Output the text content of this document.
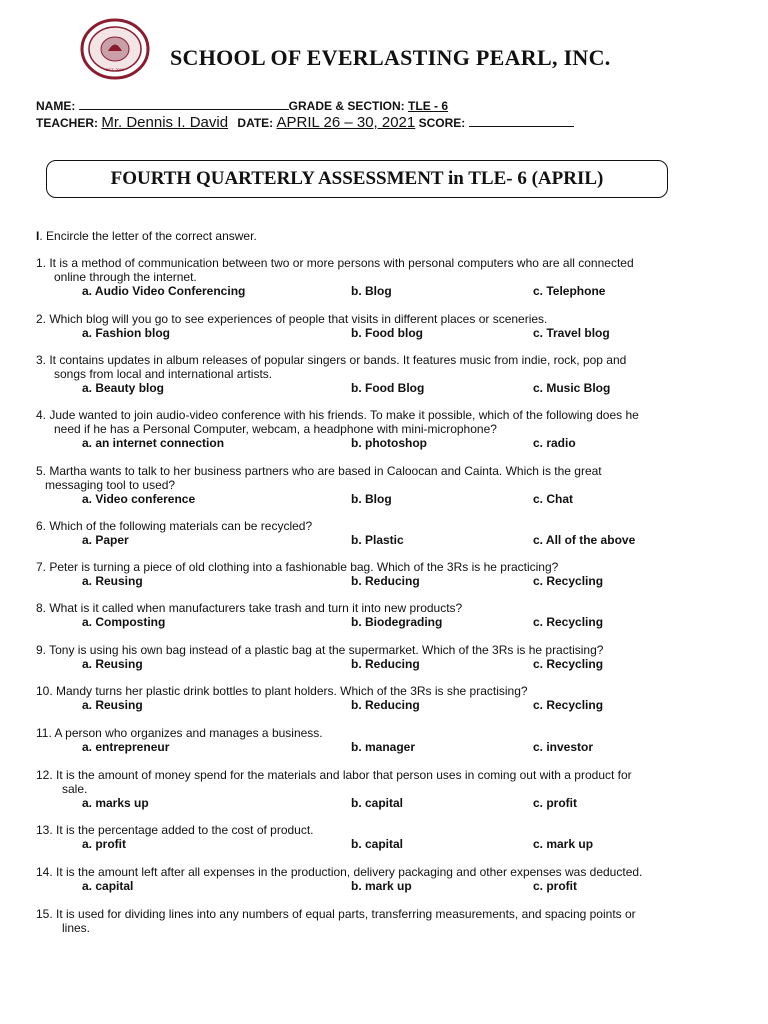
EST. 2000 SCHOOL OF EVERLASTING PEARL, INC.
NAME:	GRADE & SECTION: TLE - 6
TEACHER: Mr. Dennis I. David DATE: APRIL 26 – 30, 2021 SCORE:
FOURTH QUARTERLY ASSESSMENT in TLE- 6 (APRIL)
I. Encircle the letter of the correct answer.
1. It is a method of communication between two or more persons with personal computers who are all connected
online through the internet.
a. Audio Video Conferencing	b. Blog	c. Telephone
2. Which blog will you go to see experiences of people that visits in different places or sceneries.
a. Fashion blog	b. Food blog	c. Travel blog
3. It contains updates in album releases of popular singers or bands. It features music from indie, rock, pop and
songs from local and international artists.
a. Beauty blog	b. Food Blog	c. Music Blog
4. Jude wanted to join audio-video conference with his friends. To make it possible, which of the following does he
need if he has a Personal Computer, webcam, a headphone with mini-microphone?
a. an internet connection	b. photoshop	c. radio
5. Martha wants to talk to her business partners who are based in Caloocan and Cainta. Which is the great
messaging tool to used?
a. Video conference	b. Blog	c. Chat
6. Which of the following materials can be recycled?
a. Paper	b. Plastic	c. All of the above
7. Peter is turning a piece of old clothing into a fashionable bag. Which of the 3Rs is he practicing?
a. Reusing	b. Reducing	c. Recycling
8. What is it called when manufacturers take trash and turn it into new products?
a. Composting	b. Biodegrading	c. Recycling
9. Tony is using his own bag instead of a plastic bag at the supermarket. Which of the 3Rs is he practising?
a. Reusing	b. Reducing	c. Recycling
10. Mandy turns her plastic drink bottles to plant holders. Which of the 3Rs is she practising?
a. Reusing	b. Reducing	c. Recycling
11. A person who organizes and manages a business.
a. entrepreneur	b. manager	c. investor
12. It is the amount of money spend for the materials and labor that person uses in coming out with a product for
sale.
a. marks up	b. capital	c. profit
13. It is the percentage added to the cost of product.
a. profit	b. capital	c. mark up
14. It is the amount left after all expenses in the production, delivery packaging and other expenses was deducted.
a. capital	b. mark up	c. profit
15. It is used for dividing lines into any numbers of equal parts, transferring measurements, and spacing points or
lines.
